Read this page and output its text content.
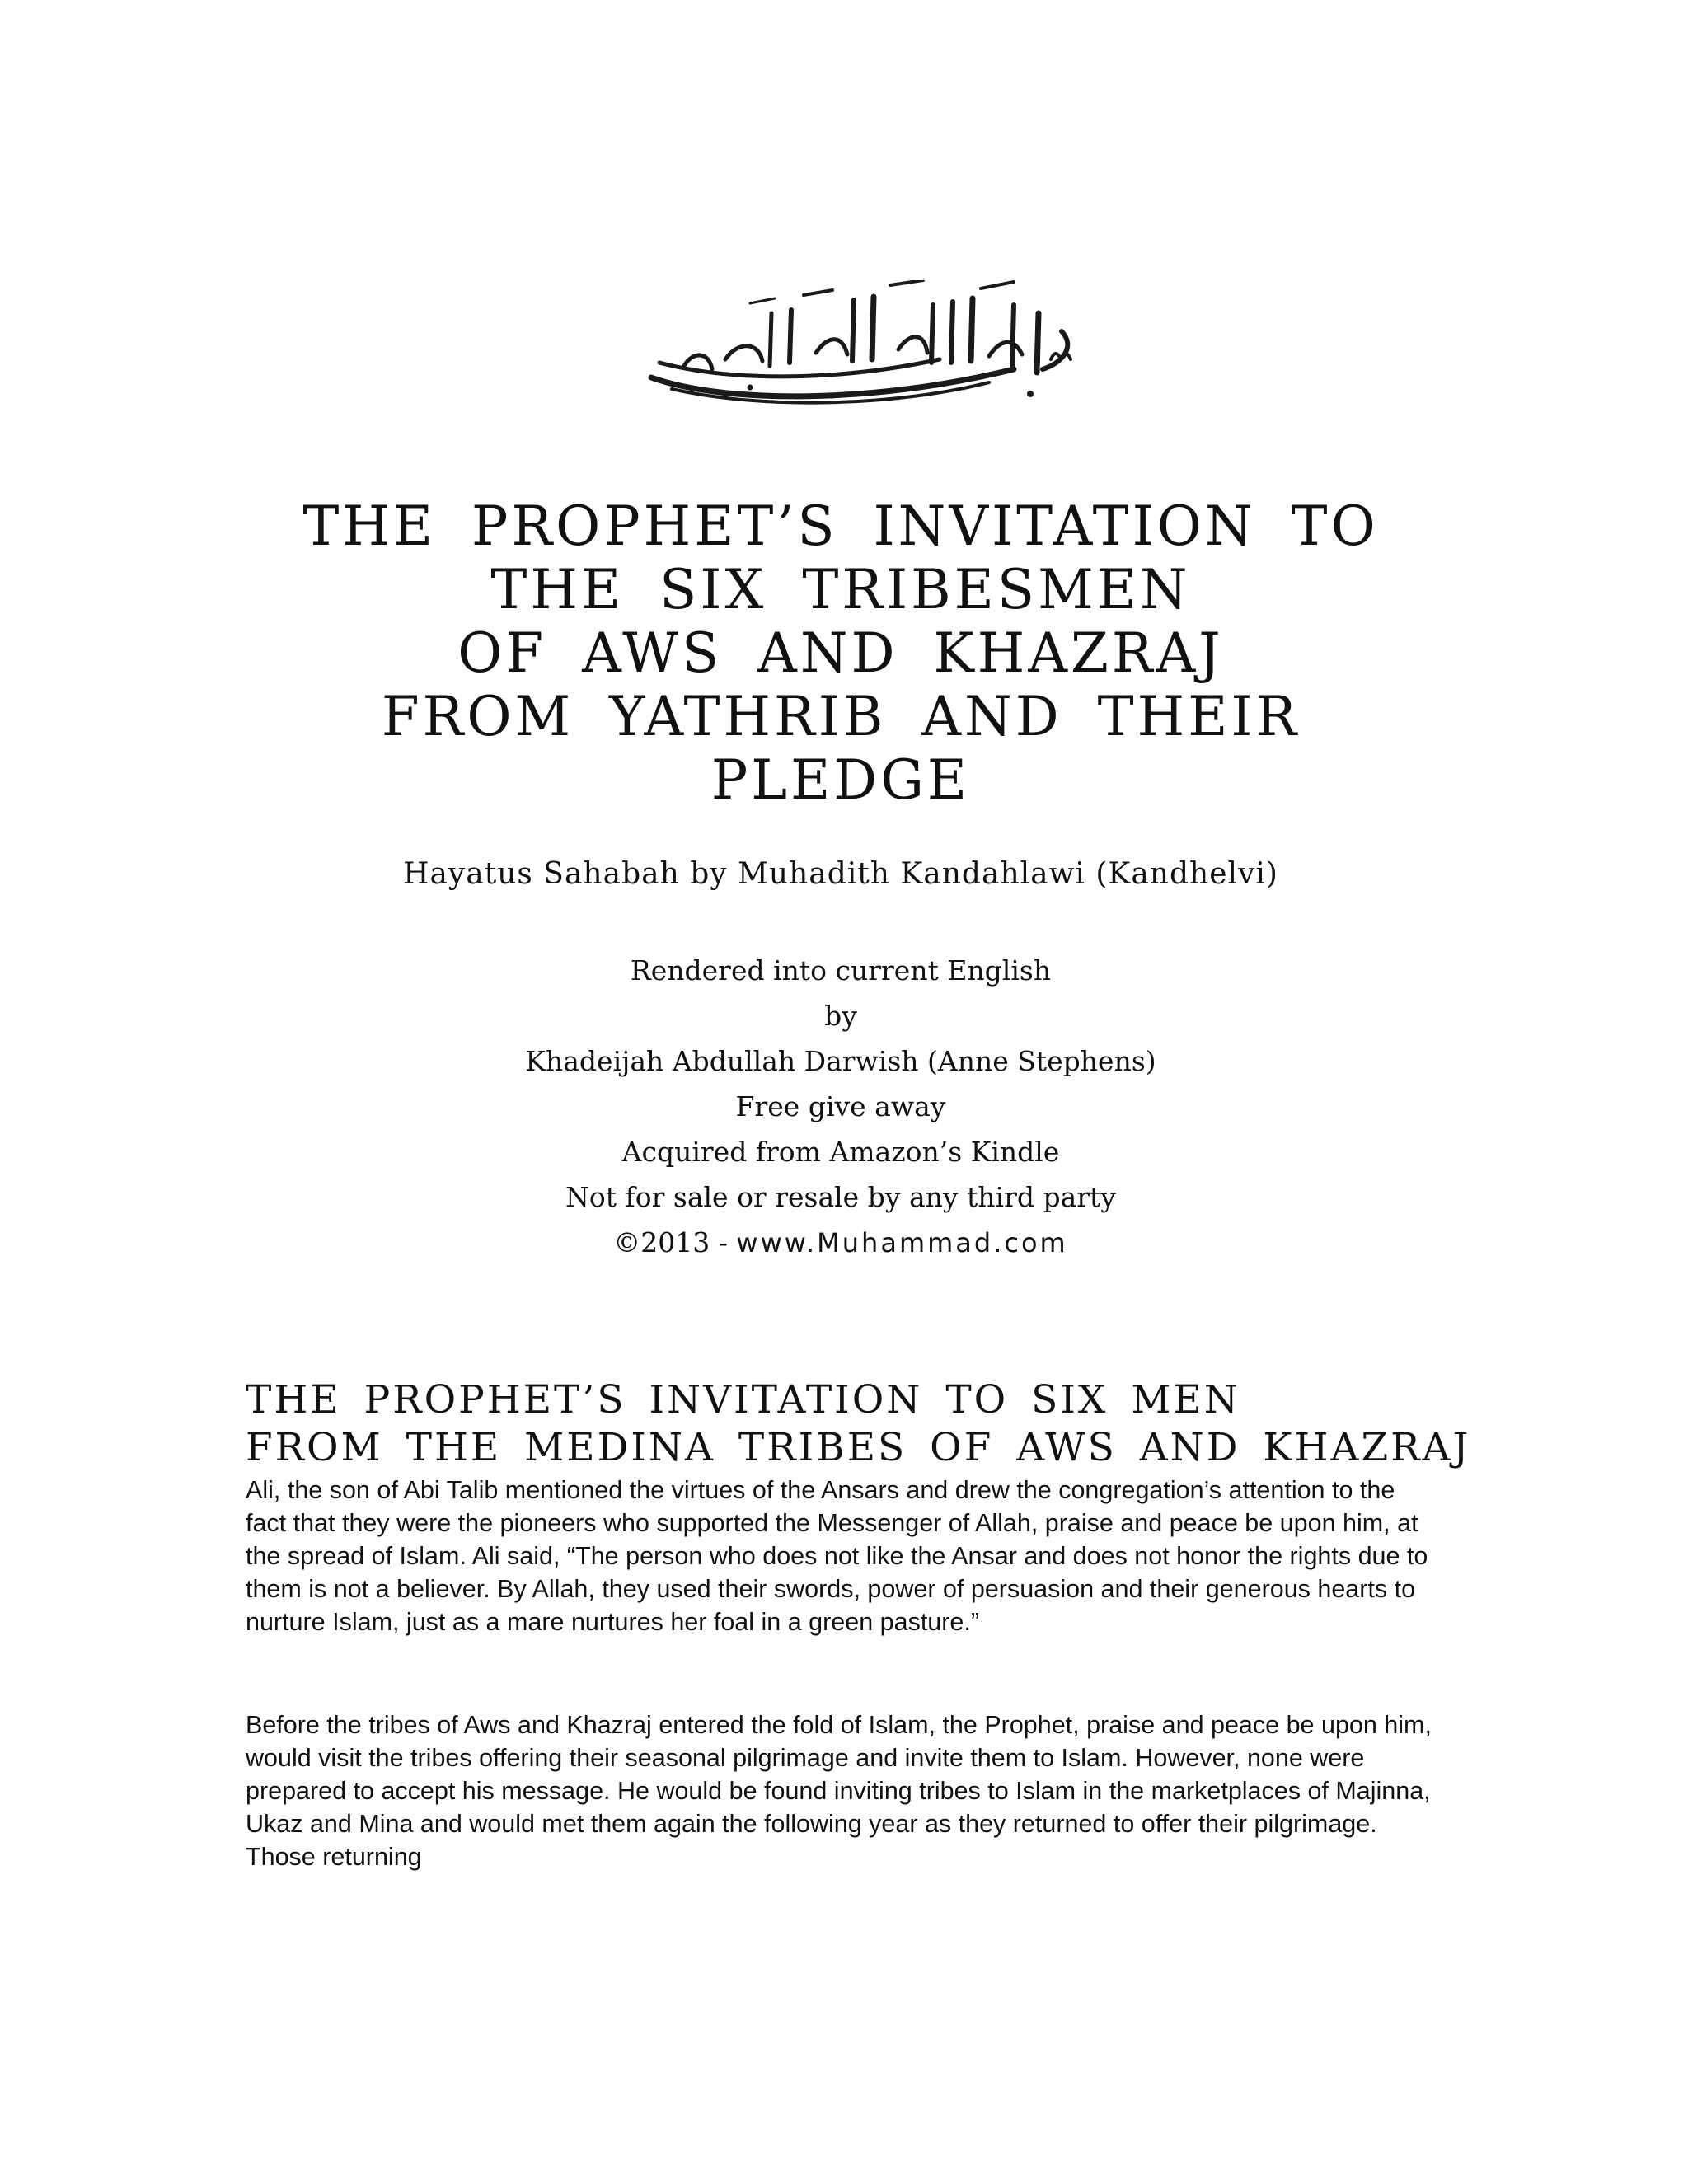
THE PROPHET’S INVITATION TO
THE SIX TRIBESMEN
OF AWS AND KHAZRAJ
FROM YATHRIB AND THEIR
PLEDGE

Hayatus Sahabah by Muhadith Kandahlawi (Kandhelvi)

Rendered into current English
by
Khadeijah Abdullah Darwish (Anne Stephens)
Free give away
Acquired from Amazon’s Kindle
Not for sale or resale by any third party
©2013 - www.Muhammad.com
THE PROPHET’S INVITATION TO SIX MEN
FROM THE MEDINA TRIBES OF AWS AND KHAZRAJ

Ali, the son of Abi Talib mentioned the virtues of the Ansars and drew the congregation’s attention to the fact that they were the pioneers who supported the Messenger of Allah, praise and peace be upon him, at the spread of Islam. Ali said, “The person who does not like the Ansar and does not honor the rights due to them is not a believer. By Allah, they used their swords, power of persuasion and their generous hearts to nurture Islam, just as a mare nurtures her foal in a green pasture.”

Before the tribes of Aws and Khazraj entered the fold of Islam, the Prophet, praise and peace be upon him, would visit the tribes offering their seasonal pilgrimage and invite them to Islam. However, none were prepared to accept his message. He would be found inviting tribes to Islam in the marketplaces of Majinna, Ukaz and Mina and would met them again the following year as they returned to offer their pilgrimage. Those returning
